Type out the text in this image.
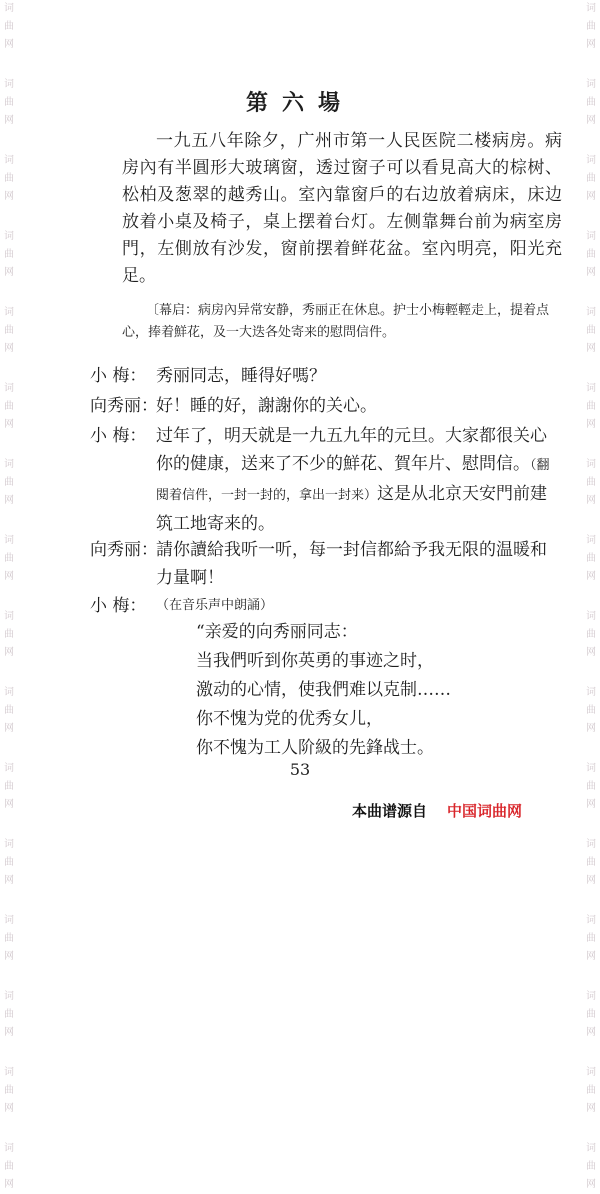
词曲网
词曲网
词曲网
词曲网
词曲网
词曲网
词曲网
词曲网
词曲网
词曲网
词曲网
词曲网
词曲网
词曲网
词曲网
词曲网
词曲网
词曲网
词曲网
词曲网
词曲网
词曲网
词曲网
词曲网
词曲网
词曲网
词曲网
词曲网
词曲网
词曲网
词曲网
词曲网
第六場
一九五八年除夕，广州市第一人民医院二楼病房。病房內有半圓形大玻璃窗，透过窗子可以看見高大的棕树、松柏及葱翠的越秀山。室內靠窗戶的右边放着病床，床边放着小桌及椅子，桌上摆着台灯。左侧靠舞台前为病室房門，左側放有沙发，窗前摆着鲜花盆。室內明亮，阳光充足。
〔幕启：病房內异常安静，秀丽正在休息。护士小梅輕輕走上，提着点心，捧着鮮花，及一大迭各处寄来的慰問信件。
小 梅： 秀丽同志，睡得好嗎？
向秀丽：
好！睡的好，謝謝你的关心。
小 梅： 过年了，明天就是一九五九年的元旦。大家都很关心你的健康，送来了不少的鮮花、賀年片、慰問信。（翻閱着信件，一封一封的，拿出一封来）这是从北京天安門前建筑工地寄来的。
向秀丽：
請你讀給我听一听，每一封信都給予我无限的温暖和力量啊！
小 梅： （在音乐声中朗誦）
“亲爱的向秀丽同志：
当我們听到你英勇的事迹之时，
激动的心情，使我們难以克制……
你不愧为党的优秀女儿，
你不愧为工人阶級的先鋒战士。
53
本曲谱源自 中国词曲网
